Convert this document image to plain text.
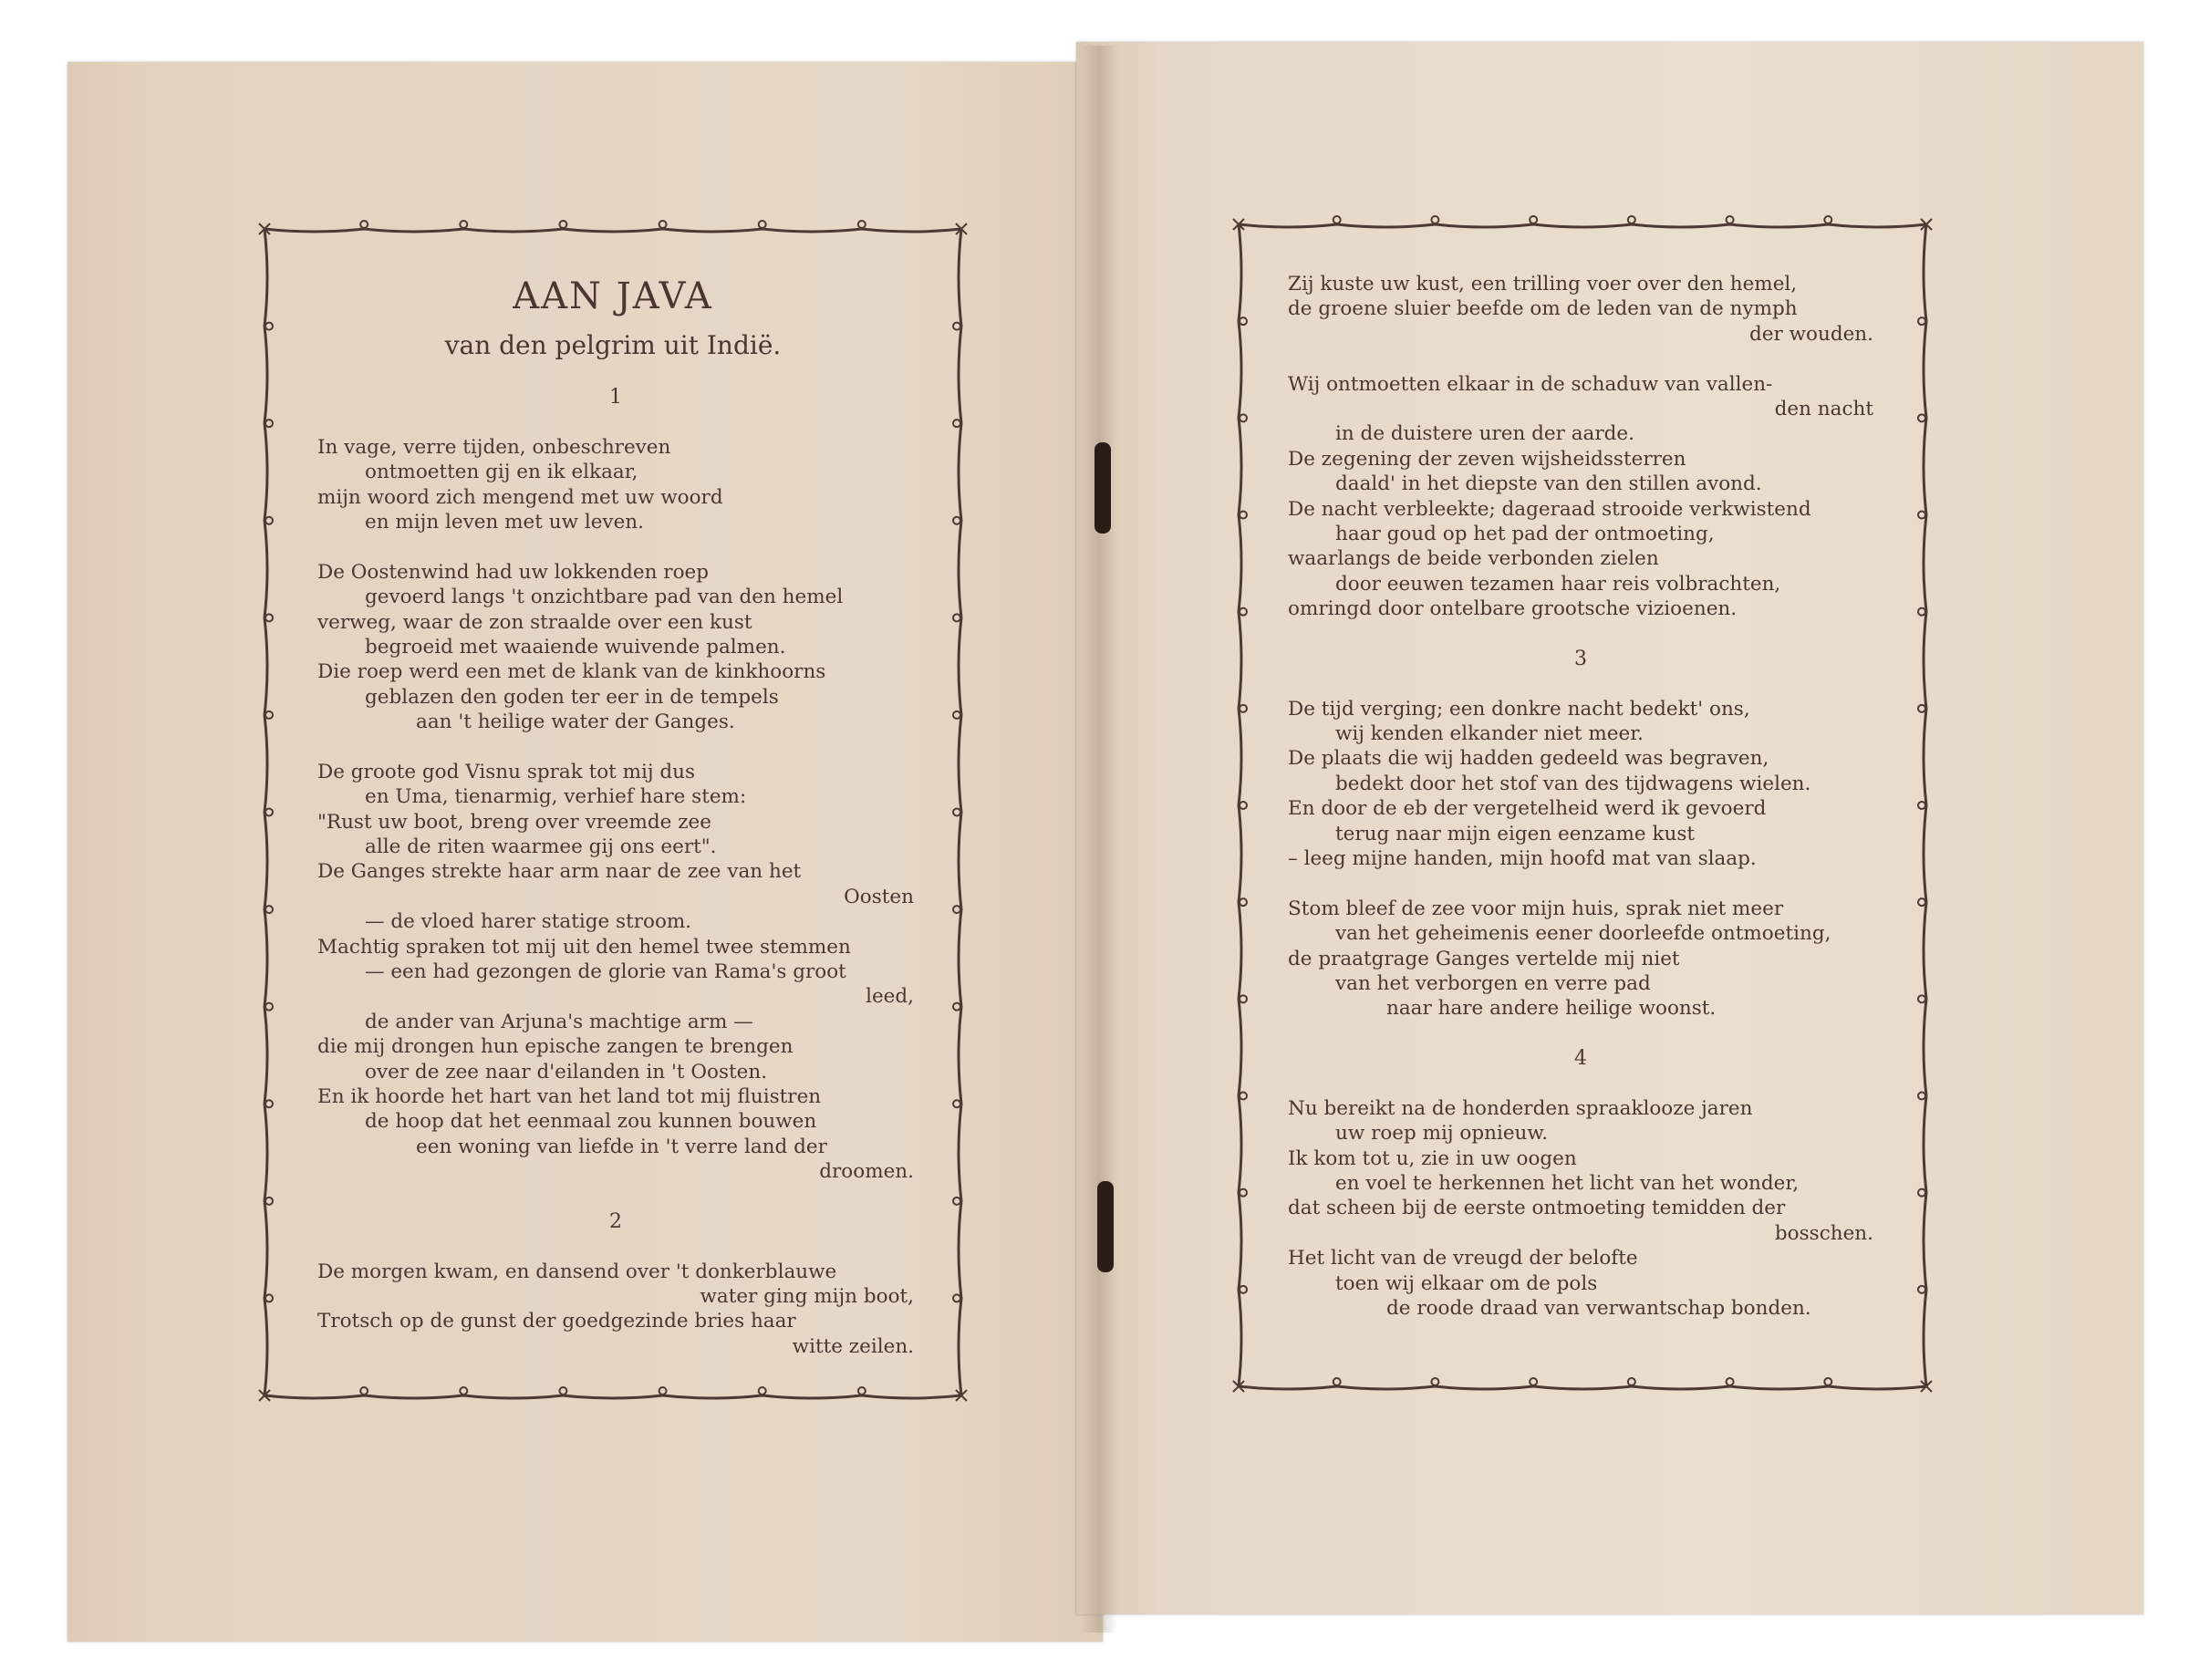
AAN JAVA
van den pelgrim uit Indië.
1
In vage, verre tijden, onbeschreven
ontmoetten gij en ik elkaar,
mijn woord zich mengend met uw woord
en mijn leven met uw leven.
De Oostenwind had uw lokkenden roep
gevoerd langs 't onzichtbare pad van den hemel
verweg, waar de zon straalde over een kust
begroeid met waaiende wuivende palmen.
Die roep werd een met de klank van de kinkhoorns
geblazen den goden ter eer in de tempels
aan 't heilige water der Ganges.
De groote god Visnu sprak tot mij dus
en Uma, tienarmig, verhief hare stem:
"Rust uw boot, breng over vreemde zee
alle de riten waarmee gij ons eert".
De Ganges strekte haar arm naar de zee van het
Oosten
— de vloed harer statige stroom.
Machtig spraken tot mij uit den hemel twee stemmen
— een had gezongen de glorie van Rama's groot
leed,
de ander van Arjuna's machtige arm —
die mij drongen hun epische zangen te brengen
over de zee naar d'eilanden in 't Oosten.
En ik hoorde het hart van het land tot mij fluistren
de hoop dat het eenmaal zou kunnen bouwen
een woning van liefde in 't verre land der
droomen.
2
De morgen kwam, en dansend over 't donkerblauwe
water ging mijn boot,
Trotsch op de gunst der goedgezinde bries haar
witte zeilen.
Zij kuste uw kust, een trilling voer over den hemel,
de groene sluier beefde om de leden van de nymph
der wouden.
Wij ontmoetten elkaar in de schaduw van vallen-
den nacht
in de duistere uren der aarde.
De zegening der zeven wijsheidssterren
daald' in het diepste van den stillen avond.
De nacht verbleekte; dageraad strooide verkwistend
haar goud op het pad der ontmoeting,
waarlangs de beide verbonden zielen
door eeuwen tezamen haar reis volbrachten,
omringd door ontelbare grootsche vizioenen.
3
De tijd verging; een donkre nacht bedekt' ons,
wij kenden elkander niet meer.
De plaats die wij hadden gedeeld was begraven,
bedekt door het stof van des tijdwagens wielen.
En door de eb der vergetelheid werd ik gevoerd
terug naar mijn eigen eenzame kust
– leeg mijne handen, mijn hoofd mat van slaap.
Stom bleef de zee voor mijn huis, sprak niet meer
van het geheimenis eener doorleefde ontmoeting,
de praatgrage Ganges vertelde mij niet
van het verborgen en verre pad
naar hare andere heilige woonst.
4
Nu bereikt na de honderden spraaklooze jaren
uw roep mij opnieuw.
Ik kom tot u, zie in uw oogen
en voel te herkennen het licht van het wonder,
dat scheen bij de eerste ontmoeting temidden der
bosschen.
Het licht van de vreugd der belofte
toen wij elkaar om de pols
de roode draad van verwantschap bonden.
